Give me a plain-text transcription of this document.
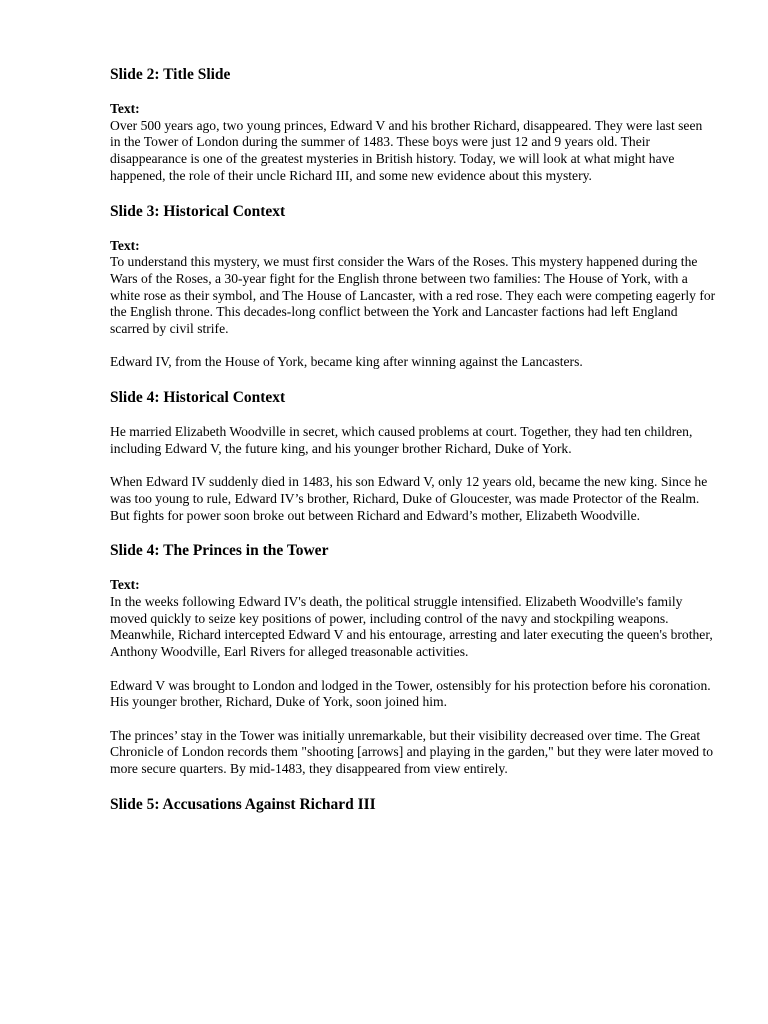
Slide 2: Title Slide
Text:

Over 500 years ago, two young princes, Edward V and his brother Richard, disappeared. They were last seen in the Tower of London during the summer of 1483. These boys were just 12 and 9 years old. Their disappearance is one of the greatest mysteries in British history. Today, we will look at what might have happened, the role of their uncle Richard III, and some new evidence about this mystery.

Slide 3: Historical Context
Text:

To understand this mystery, we must first consider the Wars of the Roses. This mystery happened during the Wars of the Roses, a 30-year fight for the English throne between two families: The House of York, with a white rose as their symbol, and The House of Lancaster, with a red rose. They each were competing eagerly for the English throne. This decades-long conflict between the York and Lancaster factions had left England scarred by civil strife.

Edward IV, from the House of York, became king after winning against the Lancasters.

Slide 4: Historical Context

He married Elizabeth Woodville in secret, which caused problems at court. Together, they had ten children, including Edward V, the future king, and his younger brother Richard, Duke of York.

When Edward IV suddenly died in 1483, his son Edward V, only 12 years old, became the new king. Since he was too young to rule, Edward IV’s brother, Richard, Duke of Gloucester, was made Protector of the Realm. But fights for power soon broke out between Richard and Edward’s mother, Elizabeth Woodville.

Slide 4: The Princes in the Tower
Text:

In the weeks following Edward IV's death, the political struggle intensified. Elizabeth Woodville's family moved quickly to seize key positions of power, including control of the navy and stockpiling weapons. Meanwhile, Richard intercepted Edward V and his entourage, arresting and later executing the queen's brother, Anthony Woodville, Earl Rivers for alleged treasonable activities.

Edward V was brought to London and lodged in the Tower, ostensibly for his protection before his coronation. His younger brother, Richard, Duke of York, soon joined him.

The princes’ stay in the Tower was initially unremarkable, but their visibility decreased over time. The Great Chronicle of London records them "shooting [arrows] and playing in the garden," but they were later moved to more secure quarters. By mid-1483, they disappeared from view entirely.

Slide 5: Accusations Against Richard III
